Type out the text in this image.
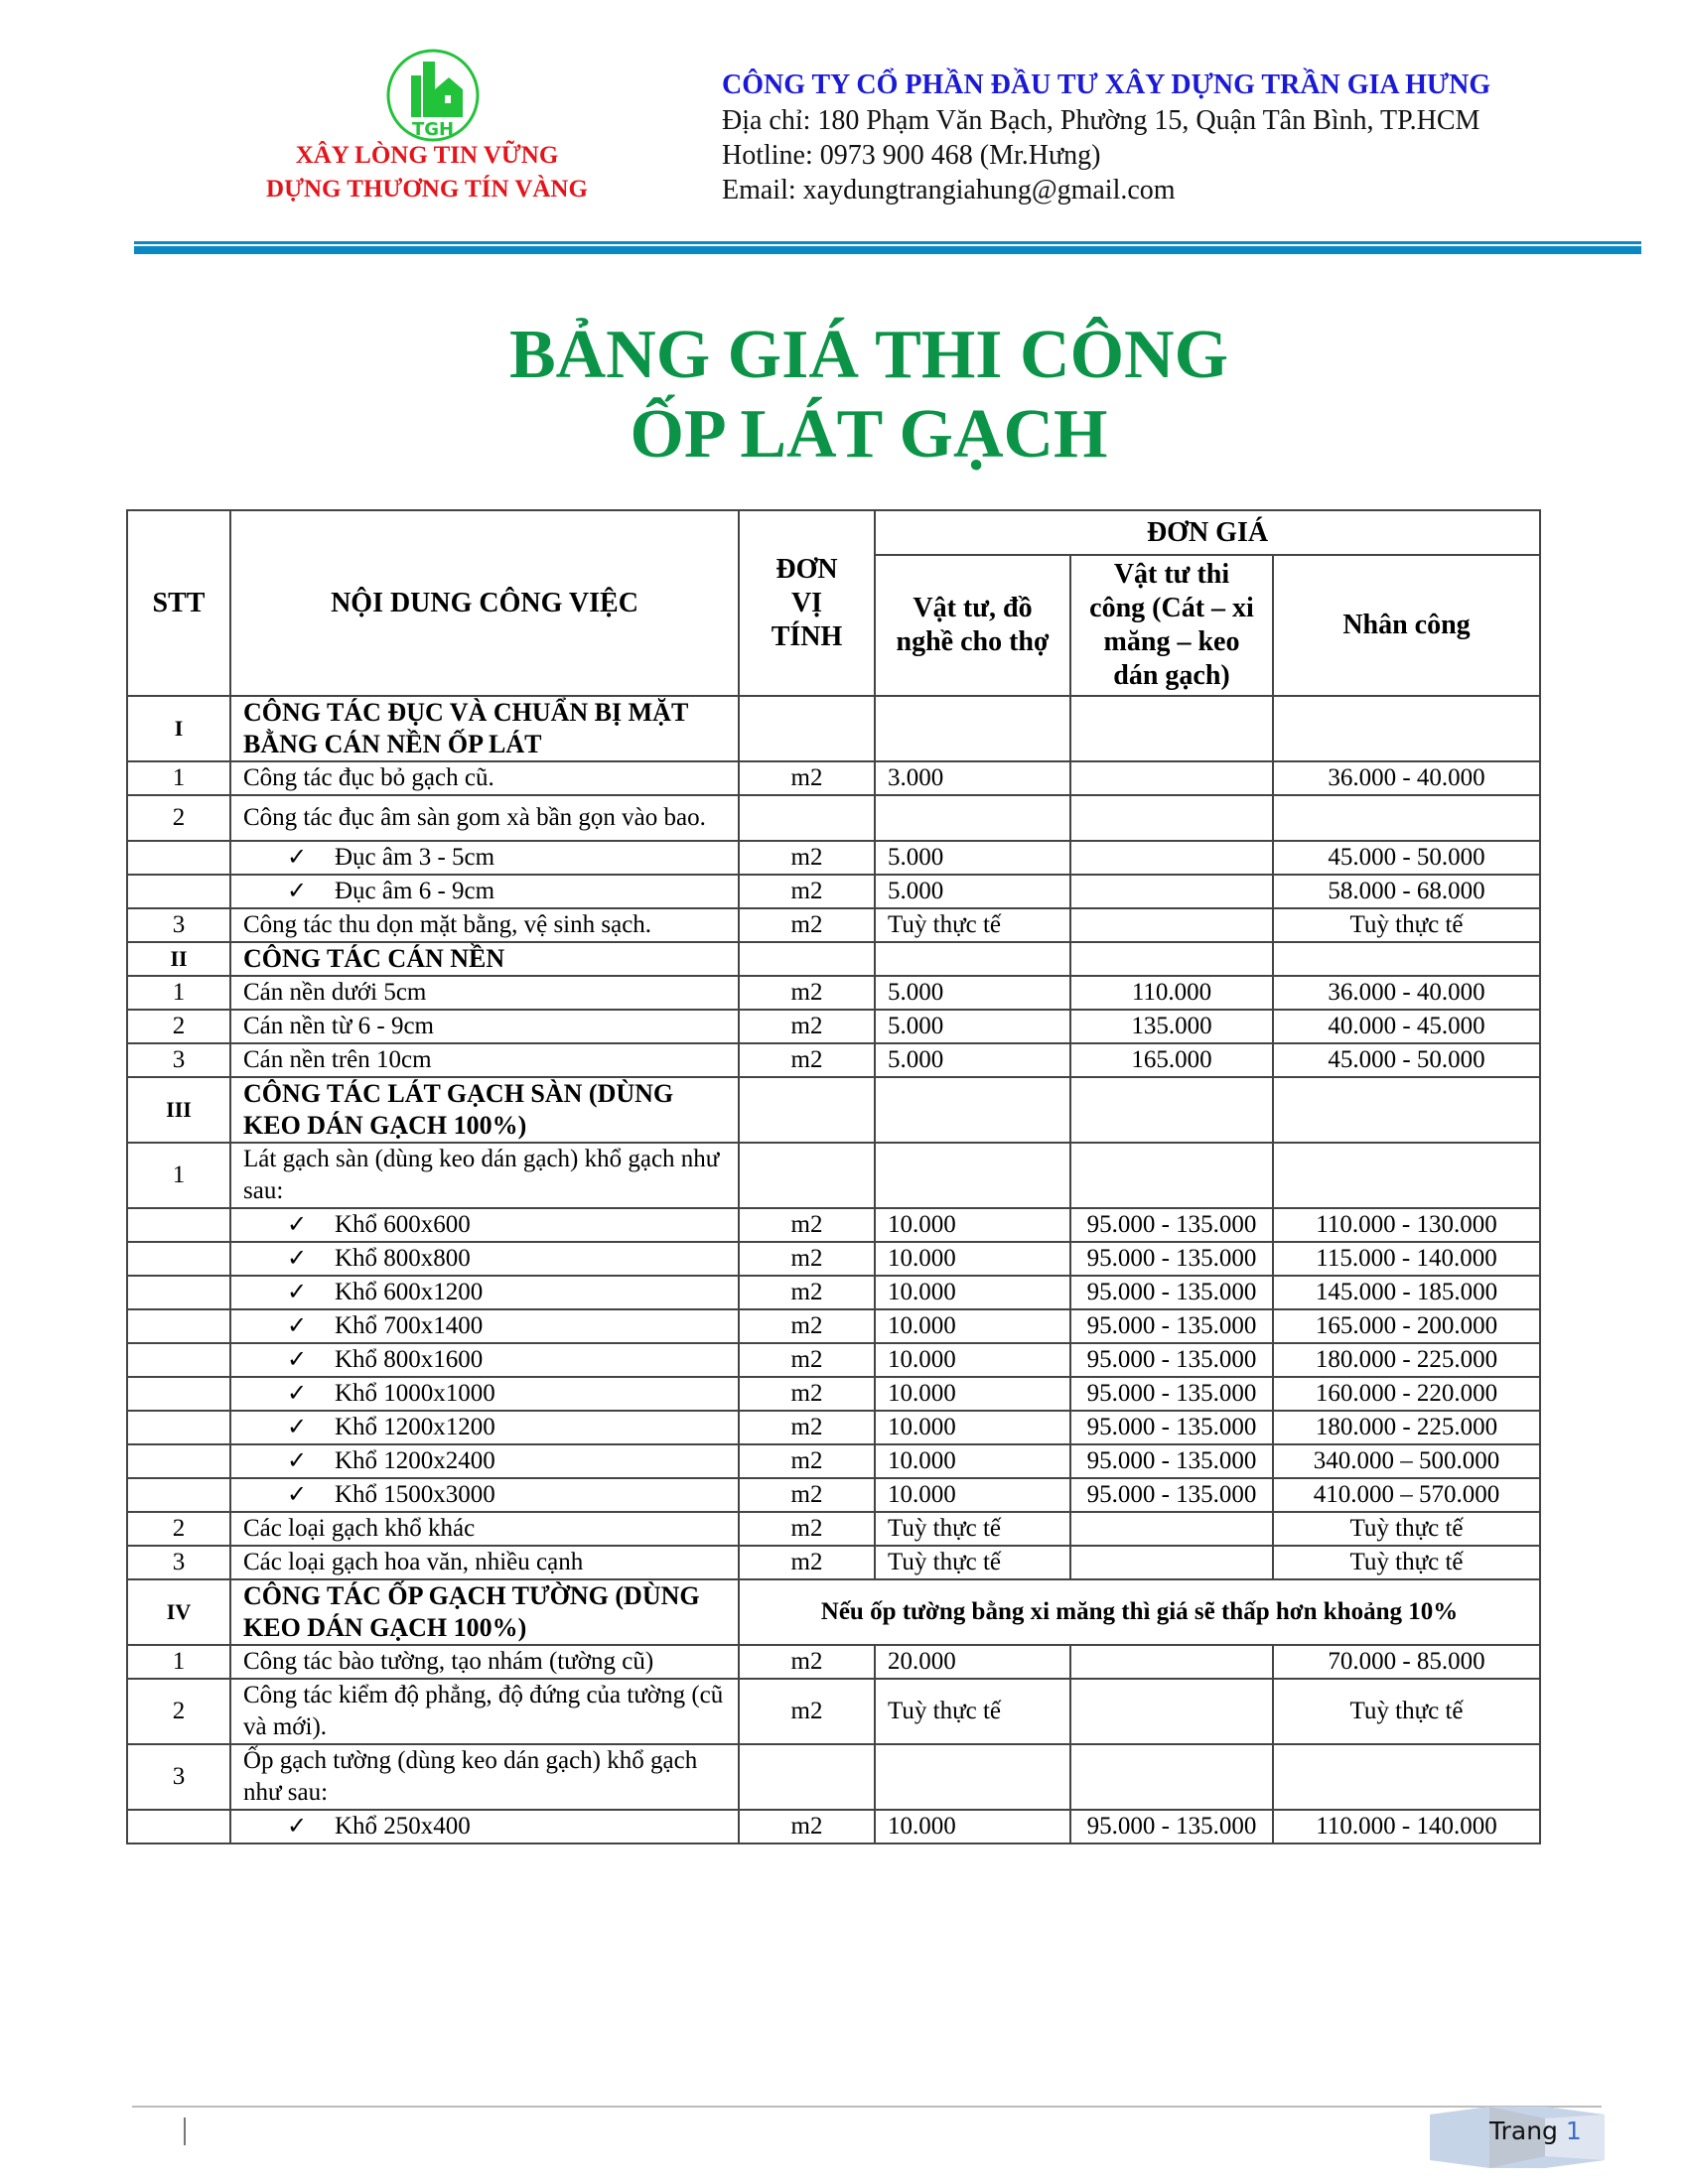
TGH
XÂY LÒNG TIN VỮNG
DỰNG THƯƠNG TÍN VÀNG
CÔNG TY CỔ PHẦN ĐẦU TƯ XÂY DỰNG TRẦN GIA HƯNG
Địa chỉ: 180 Phạm Văn Bạch, Phường 15, Quận Tân Bình, TP.HCM
Hotline: 0973 900 468 (Mr.Hưng)
Email: xaydungtrangiahung@gmail.com
BẢNG GIÁ THI CÔNG
ỐP LÁT GẠCH
STT	NỘI DUNG CÔNG VIỆC	ĐƠN VỊ TÍNH	ĐƠN GIÁ		
			Vật tư, đồ nghề cho thợ	Vật tư thi công (Cát – xi măng – keo dán gạch)	Nhân công
I	CÔNG TÁC ĐỤC VÀ CHUẨN BỊ MẶT BẰNG CÁN NỀN ỐP LÁT				
1	Công tác đục bỏ gạch cũ.	m2	3.000		36.000 - 40.000
2	Công tác đục âm sàn gom xà bần gọn vào bao.				
	✓ Đục âm 3 - 5cm	m2	5.000		45.000 - 50.000
	✓ Đục âm 6 - 9cm	m2	5.000		58.000 - 68.000
3	Công tác thu dọn mặt bằng, vệ sinh sạch.	m2	Tuỳ thực tế		Tuỳ thực tế
II	CÔNG TÁC CÁN NỀN				
1	Cán nền dưới 5cm	m2	5.000	110.000	36.000 - 40.000
2	Cán nền từ 6 - 9cm	m2	5.000	135.000	40.000 - 45.000
3	Cán nền trên 10cm	m2	5.000	165.000	45.000 - 50.000
III	CÔNG TÁC LÁT GẠCH SÀN (DÙNG KEO DÁN GẠCH 100%)				
1	Lát gạch sàn (dùng keo dán gạch) khổ gạch như sau:				
	✓ Khổ 600x600	m2	10.000	95.000 - 135.000	110.000 - 130.000
	✓ Khổ 800x800	m2	10.000	95.000 - 135.000	115.000 - 140.000
	✓ Khổ 600x1200	m2	10.000	95.000 - 135.000	145.000 - 185.000
	✓ Khổ 700x1400	m2	10.000	95.000 - 135.000	165.000 - 200.000
	✓ Khổ 800x1600	m2	10.000	95.000 - 135.000	180.000 - 225.000
	✓ Khổ 1000x1000	m2	10.000	95.000 - 135.000	160.000 - 220.000
	✓ Khổ 1200x1200	m2	10.000	95.000 - 135.000	180.000 - 225.000
	✓ Khổ 1200x2400	m2	10.000	95.000 - 135.000	340.000 – 500.000
	✓ Khổ 1500x3000	m2	10.000	95.000 - 135.000	410.000 – 570.000
2	Các loại gạch khổ khác	m2	Tuỳ thực tế		Tuỳ thực tế
3	Các loại gạch hoa văn, nhiều cạnh	m2	Tuỳ thực tế		Tuỳ thực tế
IV	CÔNG TÁC ỐP GẠCH TƯỜNG (DÙNG KEO DÁN GẠCH 100%)	Nếu ốp tường bằng xi măng thì giá sẽ thấp hơn khoảng 10%			
1	Công tác bào tường, tạo nhám (tường cũ)	m2	20.000		70.000 - 85.000
2	Công tác kiểm độ phẳng, độ đứng của tường (cũ và mới).	m2	Tuỳ thực tế		Tuỳ thực tế
3	Ốp gạch tường (dùng keo dán gạch) khổ gạch như sau:				
	✓ Khổ 250x400	m2	10.000	95.000 - 135.000	110.000 - 140.000
Trang 1
